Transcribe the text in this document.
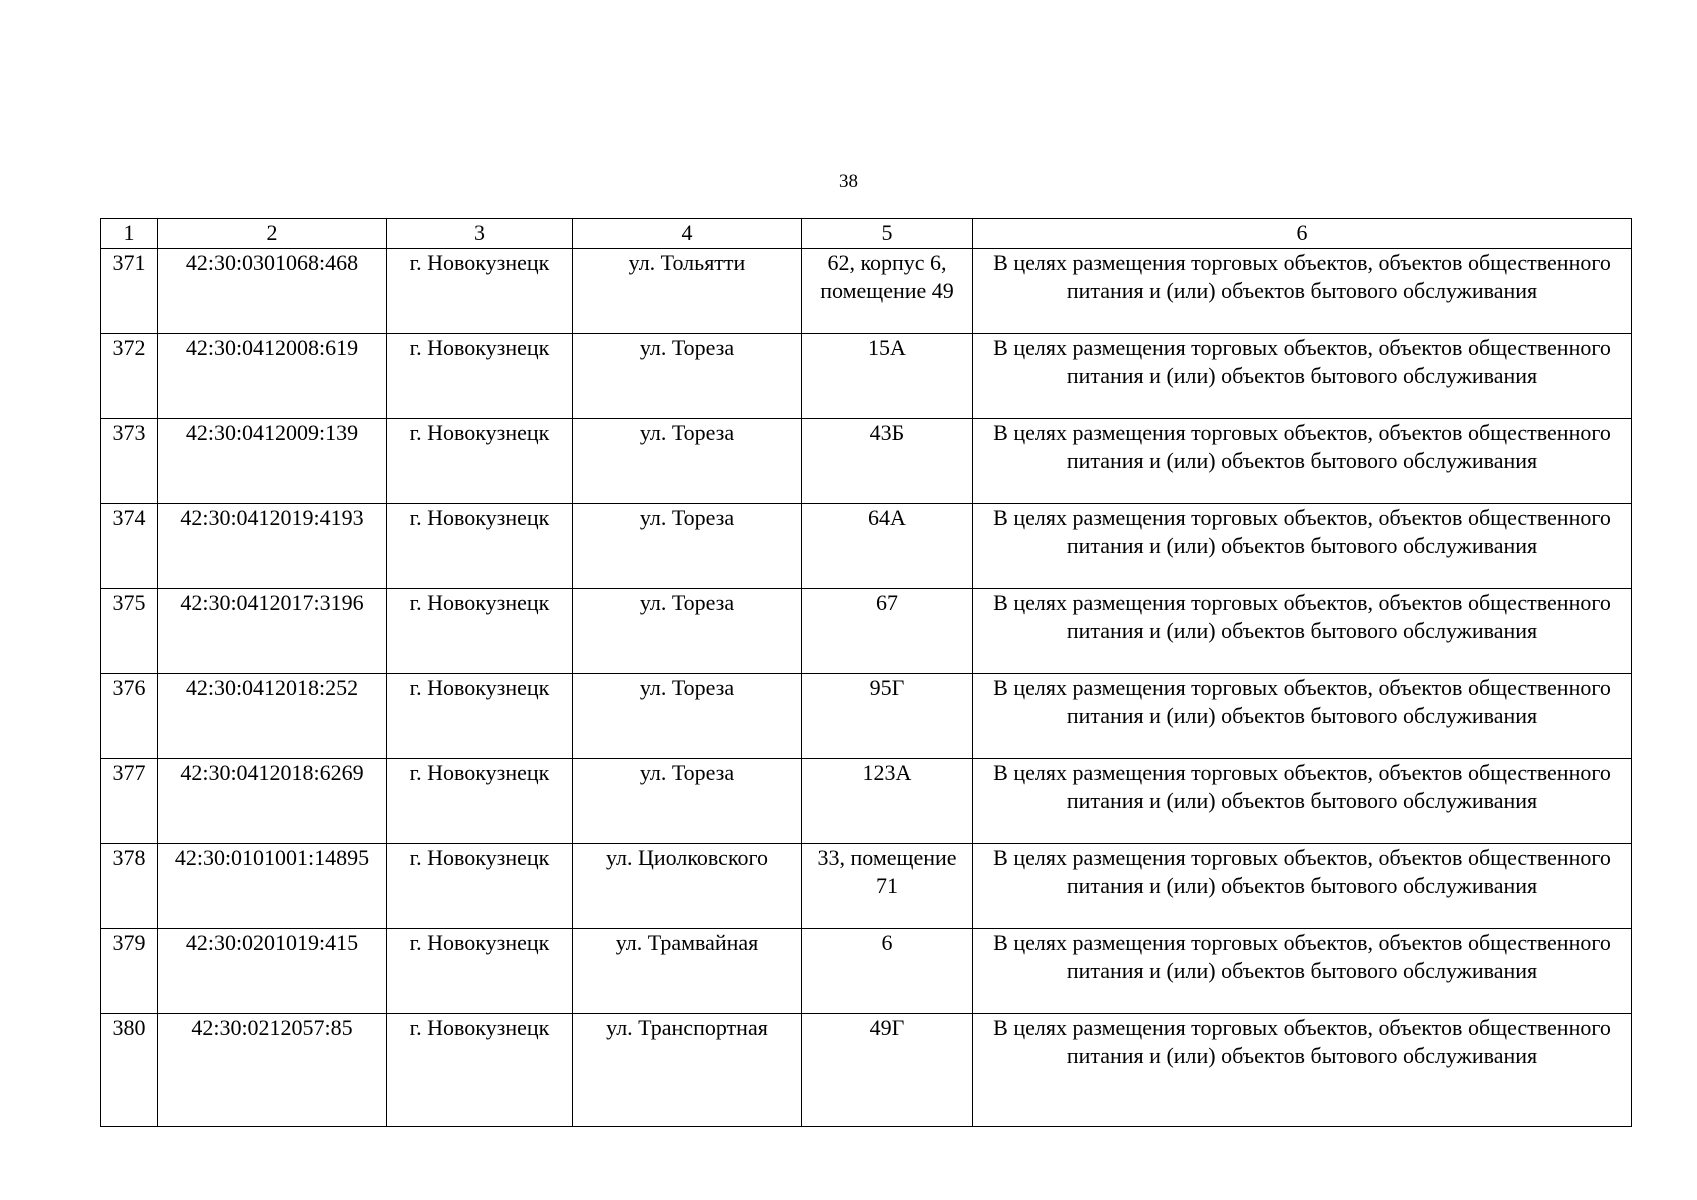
38
1	2	3	4	5	6
371	42:30:0301068:468	г. Новокузнецк	ул. Тольятти	62, корпус 6, помещение 49	В целях размещения торговых объектов, объектов общественного питания и (или) объектов бытового обслуживания
372	42:30:0412008:619	г. Новокузнецк	ул. Тореза	15А	В целях размещения торговых объектов, объектов общественного питания и (или) объектов бытового обслуживания
373	42:30:0412009:139	г. Новокузнецк	ул. Тореза	43Б	В целях размещения торговых объектов, объектов общественного питания и (или) объектов бытового обслуживания
374	42:30:0412019:4193	г. Новокузнецк	ул. Тореза	64А	В целях размещения торговых объектов, объектов общественного питания и (или) объектов бытового обслуживания
375	42:30:0412017:3196	г. Новокузнецк	ул. Тореза	67	В целях размещения торговых объектов, объектов общественного питания и (или) объектов бытового обслуживания
376	42:30:0412018:252	г. Новокузнецк	ул. Тореза	95Г	В целях размещения торговых объектов, объектов общественного питания и (или) объектов бытового обслуживания
377	42:30:0412018:6269	г. Новокузнецк	ул. Тореза	123А	В целях размещения торговых объектов, объектов общественного питания и (или) объектов бытового обслуживания
378	42:30:0101001:14895	г. Новокузнецк	ул. Циолковского	33, помещение 71	В целях размещения торговых объектов, объектов общественного питания и (или) объектов бытового обслуживания
379	42:30:0201019:415	г. Новокузнецк	ул. Трамвайная	6	В целях размещения торговых объектов, объектов общественного питания и (или) объектов бытового обслуживания
380	42:30:0212057:85	г. Новокузнецк	ул. Транспортная	49Г	В целях размещения торговых объектов, объектов общественного питания и (или) объектов бытового обслуживания
